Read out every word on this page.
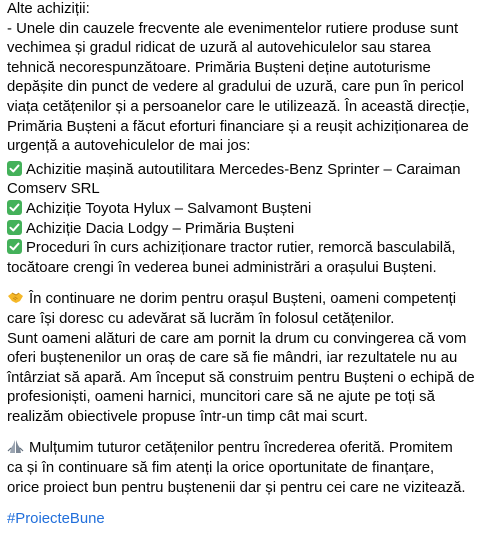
Alte achiziții:
- Unele din cauzele frecvente ale evenimentelor rutiere produse sunt
vechimea și gradul ridicat de uzură al autovehiculelor sau starea
tehnică necorespunzătoare. Primăria Bușteni deține autoturisme
depășite din punct de vedere al gradului de uzură, care pun în pericol
viața cetățenilor și a persoanelor care le utilizează. În această direcție,
Primăria Bușteni a făcut eforturi financiare și a reușit achiziționarea de
urgență a autovehiculelor de mai jos:
Achizitie mașină autoutilitara Mercedes-Benz Sprinter – Caraiman
Comserv SRL
Achiziție Toyota Hylux – Salvamont Bușteni
Achiziție Dacia Lodgy – Primăria Bușteni
Proceduri în curs achiziționare tractor rutier, remorcă basculabilă,
tocătoare crengi în vederea bunei administrări a orașului Bușteni.
În continuare ne dorim pentru orașul Bușteni, oameni competenți
care își doresc cu adevărat să lucrăm în folosul cetățenilor.
Sunt oameni alături de care am pornit la drum cu convingerea că vom
oferi buștenenilor un oraș de care să fie mândri, iar rezultatele nu au
întârziat să apară. Am început să construim pentru Bușteni o echipă de
profesioniști, oameni harnici, muncitori care să ne ajute pe toți să
realizăm obiectivele propuse într-un timp cât mai scurt.
Mulțumim tuturor cetățenilor pentru încrederea oferită. Promitem
ca și în continuare să fim atenți la orice oportunitate de finanțare,
orice proiect bun pentru buștenenii dar și pentru cei care ne vizitează.
#ProiecteBune
